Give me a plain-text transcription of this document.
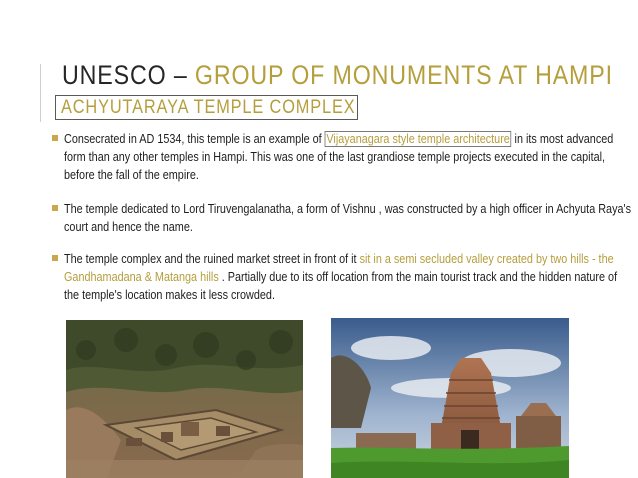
UNESCO – GROUP OF MONUMENTS AT HAMPI
ACHYUTARAYA TEMPLE COMPLEX
Consecrated in AD 1534, this temple is an example of Vijayanagara style temple architecture in its most advanced form than any other temples in Hampi. This was one of the last grandiose temple projects executed in the capital, before the fall of the empire.
The temple dedicated to Lord Tiruvengalanatha, a form of Vishnu , was constructed by a high officer in Achyuta Raya's court and hence the name.
The temple complex and the ruined market street in front of it sit in a semi secluded valley created by two hills - the Gandhamadana & Matanga hills . Partially due to its off location from the main tourist track and the hidden nature of the temple's location makes it less crowded.
